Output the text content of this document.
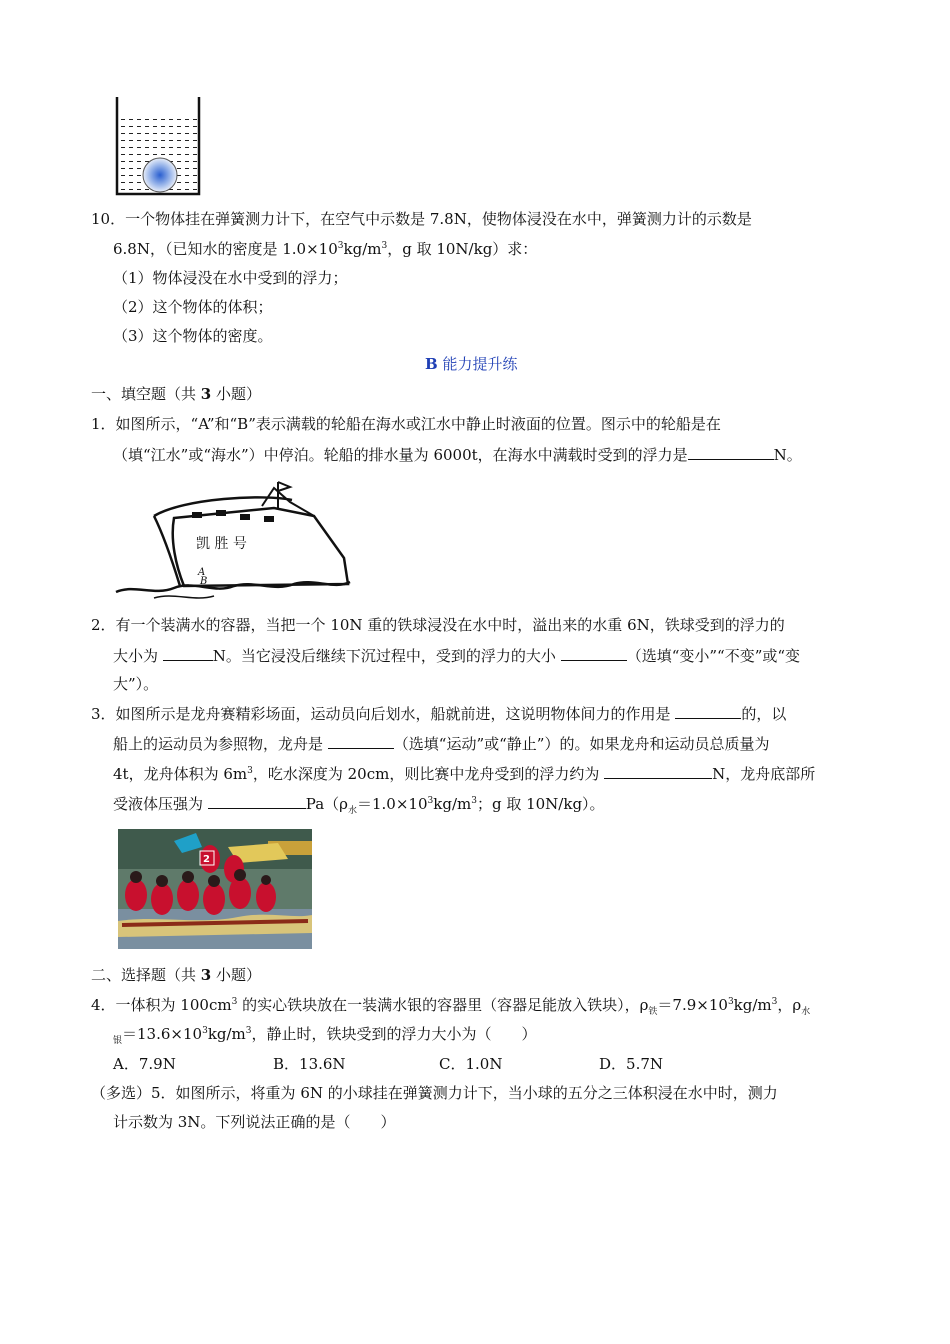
10．一个物体挂在弹簧测力计下，在空气中示数是 7.8N，使物体浸没在水中，弹簧测力计的示数是
6.8N，（已知水的密度是 $1.0\times 10^3kg/m^3$，g 取 10N/kg）求：
（1）物体浸没在水中受到的浮力；
（2）这个物体的体积；
（3）这个物体的密度。
B 能力提升练
一、填空题（共 3 小题）
1．如图所示，“A”和“B”表示满载的轮船在海水或江水中静止时液面的位置。图示中的轮船是在
（填“江水”或“海水”）中停泊。轮船的排水量为 6000t，在海水中满载时受到的浮力是	N。
凯 胜 号
A
B
2．有一个装满水的容器，当把一个 10N 重的铁球浸没在水中时，溢出来的水重 6N，铁球受到的浮力的
大小为	N。当它浸没后继续下沉过程中，受到的浮力的大小	（选填“变小”“不变”或“变
大”）。
3．如图所示是龙舟赛精彩场面，运动员向后划水，船就前进，这说明物体间力的作用是	的，以
船上的运动员为参照物，龙舟是	（选填“运动”或“静止”）的。如果龙舟和运动员总质量为
4t，龙舟体积为 $6m^3$，吃水深度为 20cm，则比赛中龙舟受到的浮力约为	N，龙舟底部所
受液体压强为	$Pa(\rho_水=1.0\times 10^3kg/m^3$；g 取 10N/kg）。
2
二、选择题（共 3 小题）
4．一体积为 $100cm^3$ 的实心铁块放在一装满水银的容器里（容器足能放入铁块），$\rho_铁=7.9\times 10^3kg/m^3$，$\rho_水$
$_银=13.6\times 10^3kg/m^3$，静止时，铁块受到的浮力大小为（　　）
A．7.9N	B．13.6N	C．1.0N	D．5.7N
（多选）5．如图所示，将重为 6N 的小球挂在弹簧测力计下，当小球的五分之三体积浸在水中时，测力
计示数为 3N。下列说法正确的是（　　）
